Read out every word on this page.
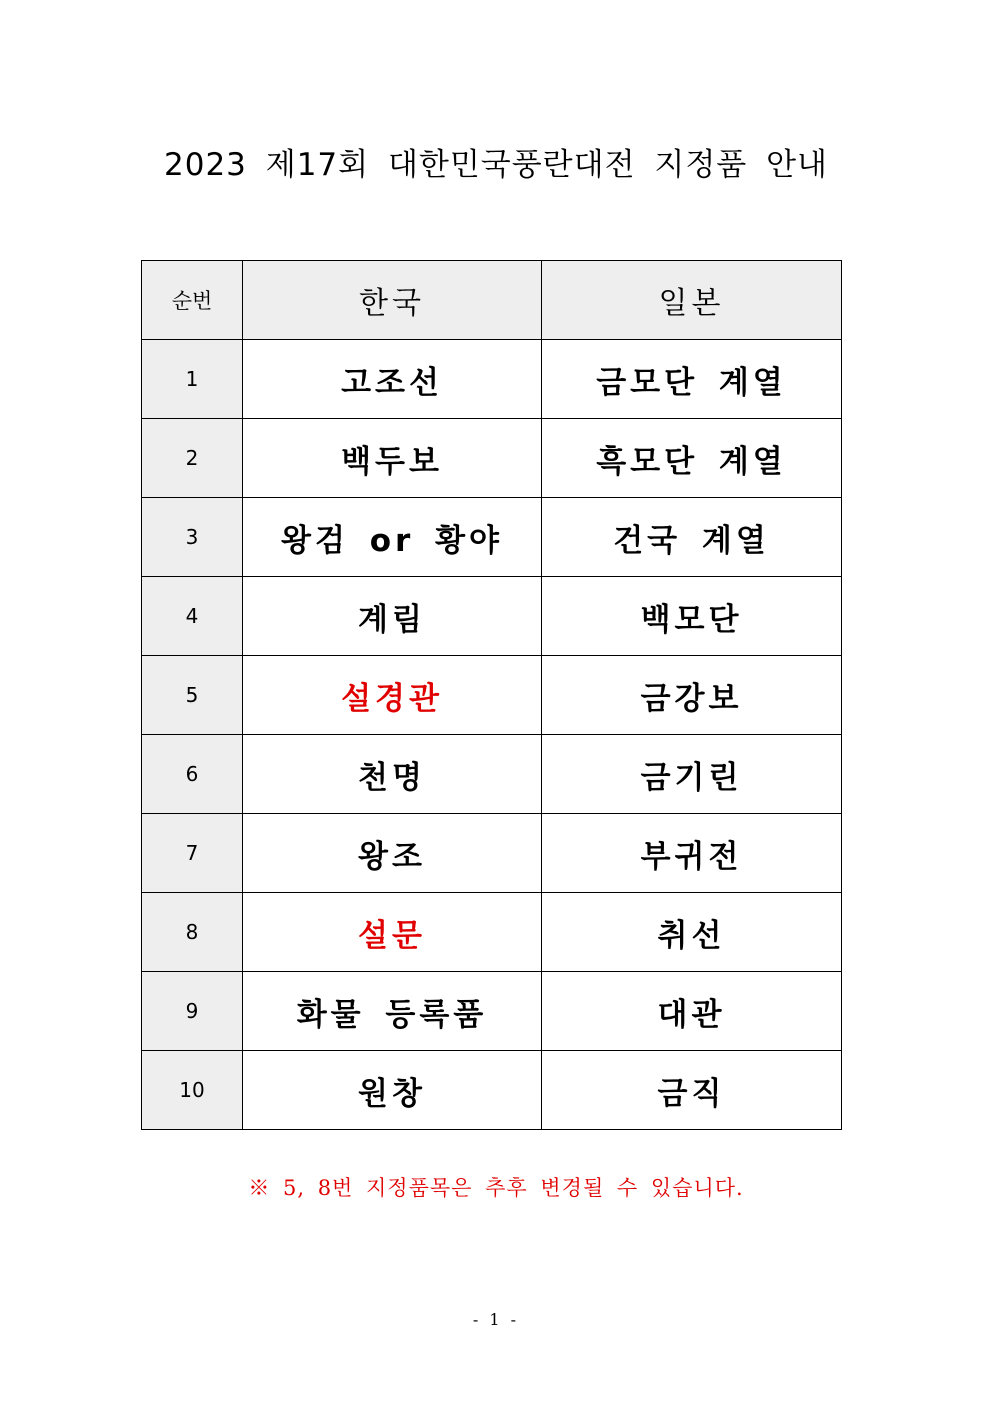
2023 제17회 대한민국풍란대전 지정품 안내
순번	한국	일본
1	고조선	금모단 계열
2	백두보	흑모단 계열
3	왕검 or 황야	건국 계열
4	계림	백모단
5	설경관	금강보
6	천명	금기린
7	왕조	부귀전
8	설문	취선
9	화물 등록품	대관
10	원창	금직
※ 5, 8번 지정품목은 추후 변경될 수 있습니다.
- 1 -
